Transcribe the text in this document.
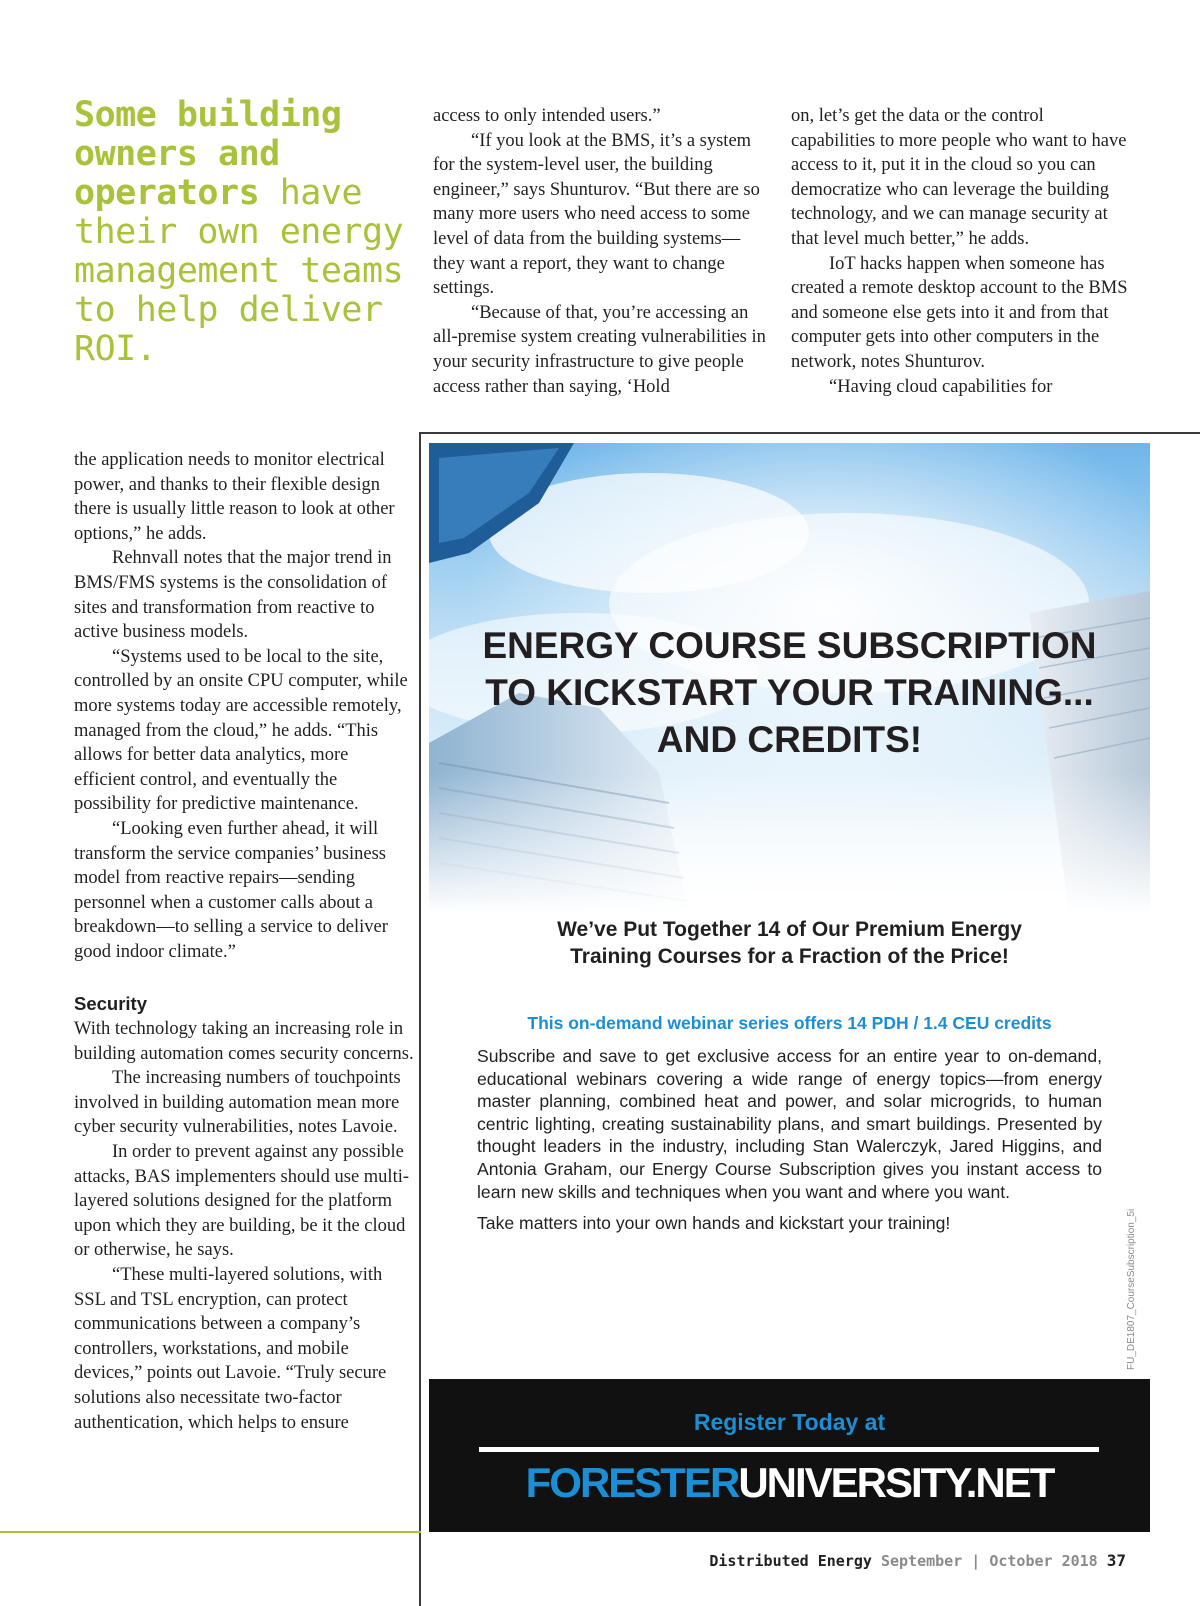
Some building owners and operators have their own energy management teams to help deliver ROI.

access to only intended users.”

“If you look at the BMS, it’s a system for the system-level user, the building engineer,” says Shunturov. “But there are so many more users who need access to some level of data from the building systems—they want a report, they want to change settings.

“Because of that, you’re accessing an all-premise system creating vulnerabilities in your security infrastructure to give people access rather than saying, ‘Hold

on, let’s get the data or the control capabilities to more people who want to have access to it, put it in the cloud so you can democratize who can leverage the building technology, and we can manage security at that level much better,” he adds.

IoT hacks happen when someone has created a remote desktop account to the BMS and someone else gets into it and from that computer gets into other computers in the network, notes Shunturov.

“Having cloud capabilities for

the application needs to monitor electrical power, and thanks to their flexible design there is usually little reason to look at other options,” he adds.

Rehnvall notes that the major trend in BMS/FMS systems is the consolidation of sites and transformation from reactive to active business models.

“Systems used to be local to the site, controlled by an onsite CPU computer, while more systems today are accessible remotely, managed from the cloud,” he adds. “This allows for better data analytics, more efficient control, and eventually the possibility for predictive maintenance.

“Looking even further ahead, it will transform the service companies’ business model from reactive repairs—sending personnel when a customer calls about a breakdown—to selling a service to deliver good indoor climate.”

Security

With technology taking an increasing role in building automation comes security concerns.

The increasing numbers of touchpoints involved in building automation mean more cyber security vulnerabilities, notes Lavoie.

In order to prevent against any possible attacks, BAS implementers should use multi-layered solutions designed for the platform upon which they are building, be it the cloud or otherwise, he says.

“These multi-layered solutions, with SSL and TSL encryption, can protect communications between a company’s controllers, workstations, and mobile devices,” points out Lavoie. “Truly secure solutions also necessitate two-factor authentication, which helps to ensure

ENERGY COURSE SUBSCRIPTION
TO KICKSTART YOUR TRAINING...
AND CREDITS!
We’ve Put Together 14 of Our Premium Energy
Training Courses for a Fraction of the Price!
This on-demand webinar series offers 14 PDH / 1.4 CEU credits

Subscribe and save to get exclusive access for an entire year to on-demand, educational webinars covering a wide range of energy topics—from energy master planning, combined heat and power, and solar microgrids, to human centric lighting, creating sustainability plans, and smart buildings. Presented by thought leaders in the industry, including Stan Walerczyk, Jared Higgins, and Antonia Graham, our Energy Course Subscription gives you instant access to learn new skills and techniques when you want and where you want.

Take matters into your own hands and kickstart your training!	FU_DE1807_CourseSubscription_5i
Register Today at
FORESTERUNIVERSITY.NET
Distributed Energy September | October 2018 37
